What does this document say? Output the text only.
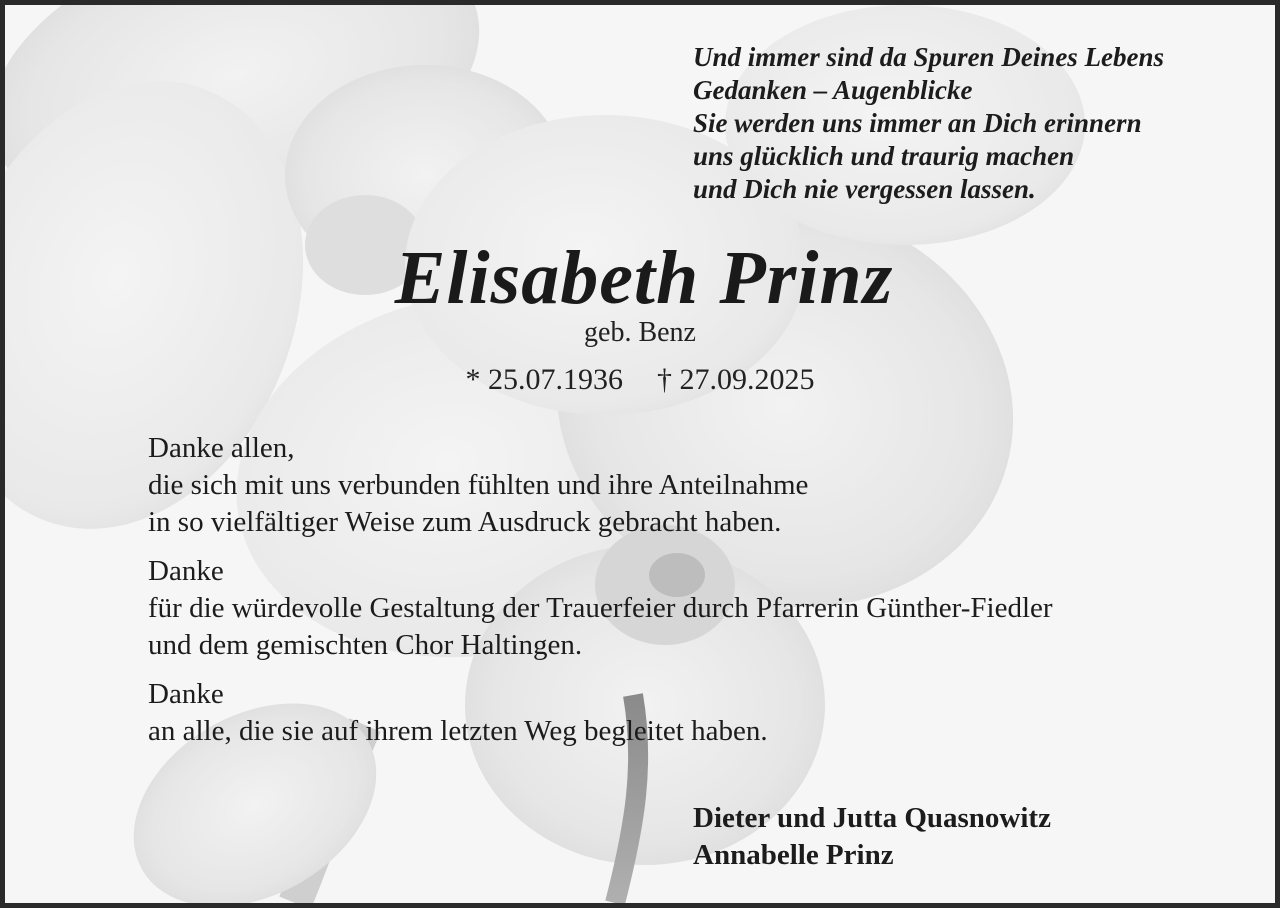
Und immer sind da Spuren Deines Lebens
Gedanken – Augenblicke
Sie werden uns immer an Dich erinnern
uns glücklich und traurig machen
und Dich nie vergessen lassen.
Elisabeth Prinz
geb. Benz
* 25.07.1936 † 27.09.2025
Danke allen,
die sich mit uns verbunden fühlten und ihre Anteilnahme
in so vielfältiger Weise zum Ausdruck gebracht haben.
Danke
für die würdevolle Gestaltung der Trauerfeier durch Pfarrerin Günther-Fiedler
und dem gemischten Chor Haltingen.
Danke
an alle, die sie auf ihrem letzten Weg begleitet haben.
Dieter und Jutta Quasnowitz
Annabelle Prinz
